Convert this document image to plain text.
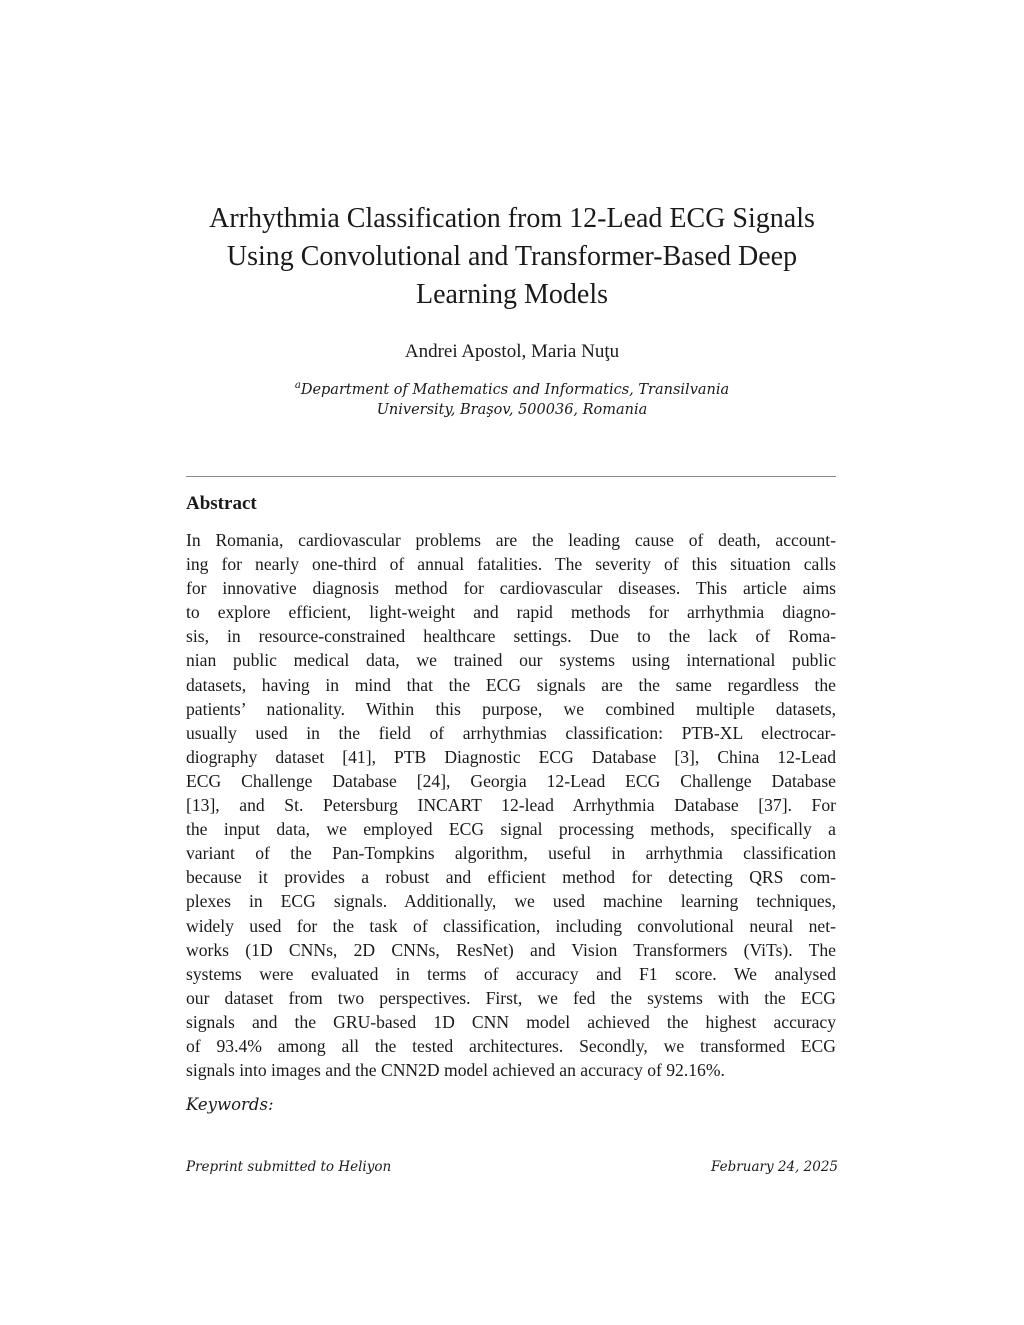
Arrhythmia Classification from 12-Lead ECG Signals
Using Convolutional and Transformer-Based Deep
Learning Models
Andrei Apostol, Maria Nuţu
$^a$Department of Mathematics and Informatics, Transilvania
University, Braşov, 500036, Romania
Abstract
In Romania, cardiovascular problems are the leading cause of death, account-
ing for nearly one-third of annual fatalities. The severity of this situation calls
for innovative diagnosis method for cardiovascular diseases. This article aims
to explore efficient, light-weight and rapid methods for arrhythmia diagno-
sis, in resource-constrained healthcare settings. Due to the lack of Roma-
nian public medical data, we trained our systems using international public
datasets, having in mind that the ECG signals are the same regardless the
patients’ nationality. Within this purpose, we combined multiple datasets,
usually used in the field of arrhythmias classification: PTB-XL electrocar-
diography dataset [41], PTB Diagnostic ECG Database [3], China 12-Lead
ECG Challenge Database [24], Georgia 12-Lead ECG Challenge Database
[13], and St. Petersburg INCART 12-lead Arrhythmia Database [37]. For
the input data, we employed ECG signal processing methods, specifically a
variant of the Pan-Tompkins algorithm, useful in arrhythmia classification
because it provides a robust and efficient method for detecting QRS com-
plexes in ECG signals. Additionally, we used machine learning techniques,
widely used for the task of classification, including convolutional neural net-
works (1D CNNs, 2D CNNs, ResNet) and Vision Transformers (ViTs). The
systems were evaluated in terms of accuracy and F1 score. We analysed
our dataset from two perspectives. First, we fed the systems with the ECG
signals and the GRU-based 1D CNN model achieved the highest accuracy
of 93.4% among all the tested architectures. Secondly, we transformed ECG
signals into images and the CNN2D model achieved an accuracy of 92.16%.
Keywords:
Preprint submitted to Heliyon	February 24, 2025
